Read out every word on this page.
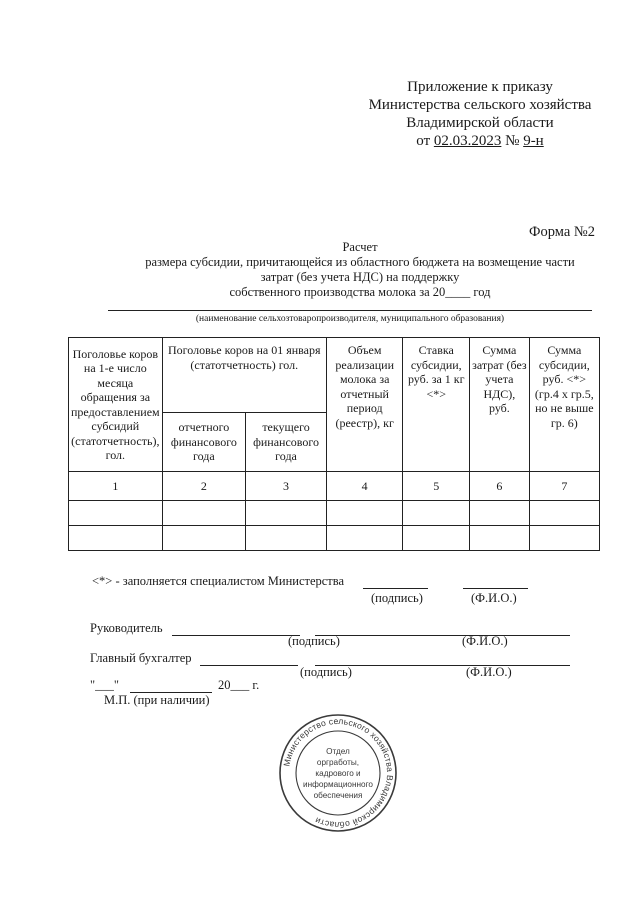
Приложение к приказу
Министерства сельского хозяйства
Владимирской области
от 02.03.2023 № 9-н
Форма №2
Расчет
размера субсидии, причитающейся из областного бюджета на возмещение части
затрат (без учета НДС) на поддержку
собственного производства молока за 20____ год
(наименование сельхозтоваропроизводителя, муниципального образования)
Поголовье коров на 1-е число месяца обращения за предоставлением субсидий (статотчетность), гол.	Поголовье коров на 01 января (статотчетность) гол.		Объем реализации молока за отчетный период (реестр), кг	Ставка субсидии, руб. за 1 кг <*>	Сумма затрат (без учета НДС), руб.	Сумма субсидии, руб. <*> (гр.4 x гр.5, но не выше гр. 6)
	отчетного финансового года	текущего финансового года				
1	2	3	4	5	6	7

<*> - заполняется специалистом Министерства
(подпись)	(Ф.И.О.)
Руководитель
(подпись)	(Ф.И.О.)
Главный бухгалтер
(подпись)	(Ф.И.О.)
"___"	20___ г.
М.П. (при наличии)
Министерство сельского хозяйства Владимирской области
Отдел
оргработы,
кадрового и
информационного
обеспечения
